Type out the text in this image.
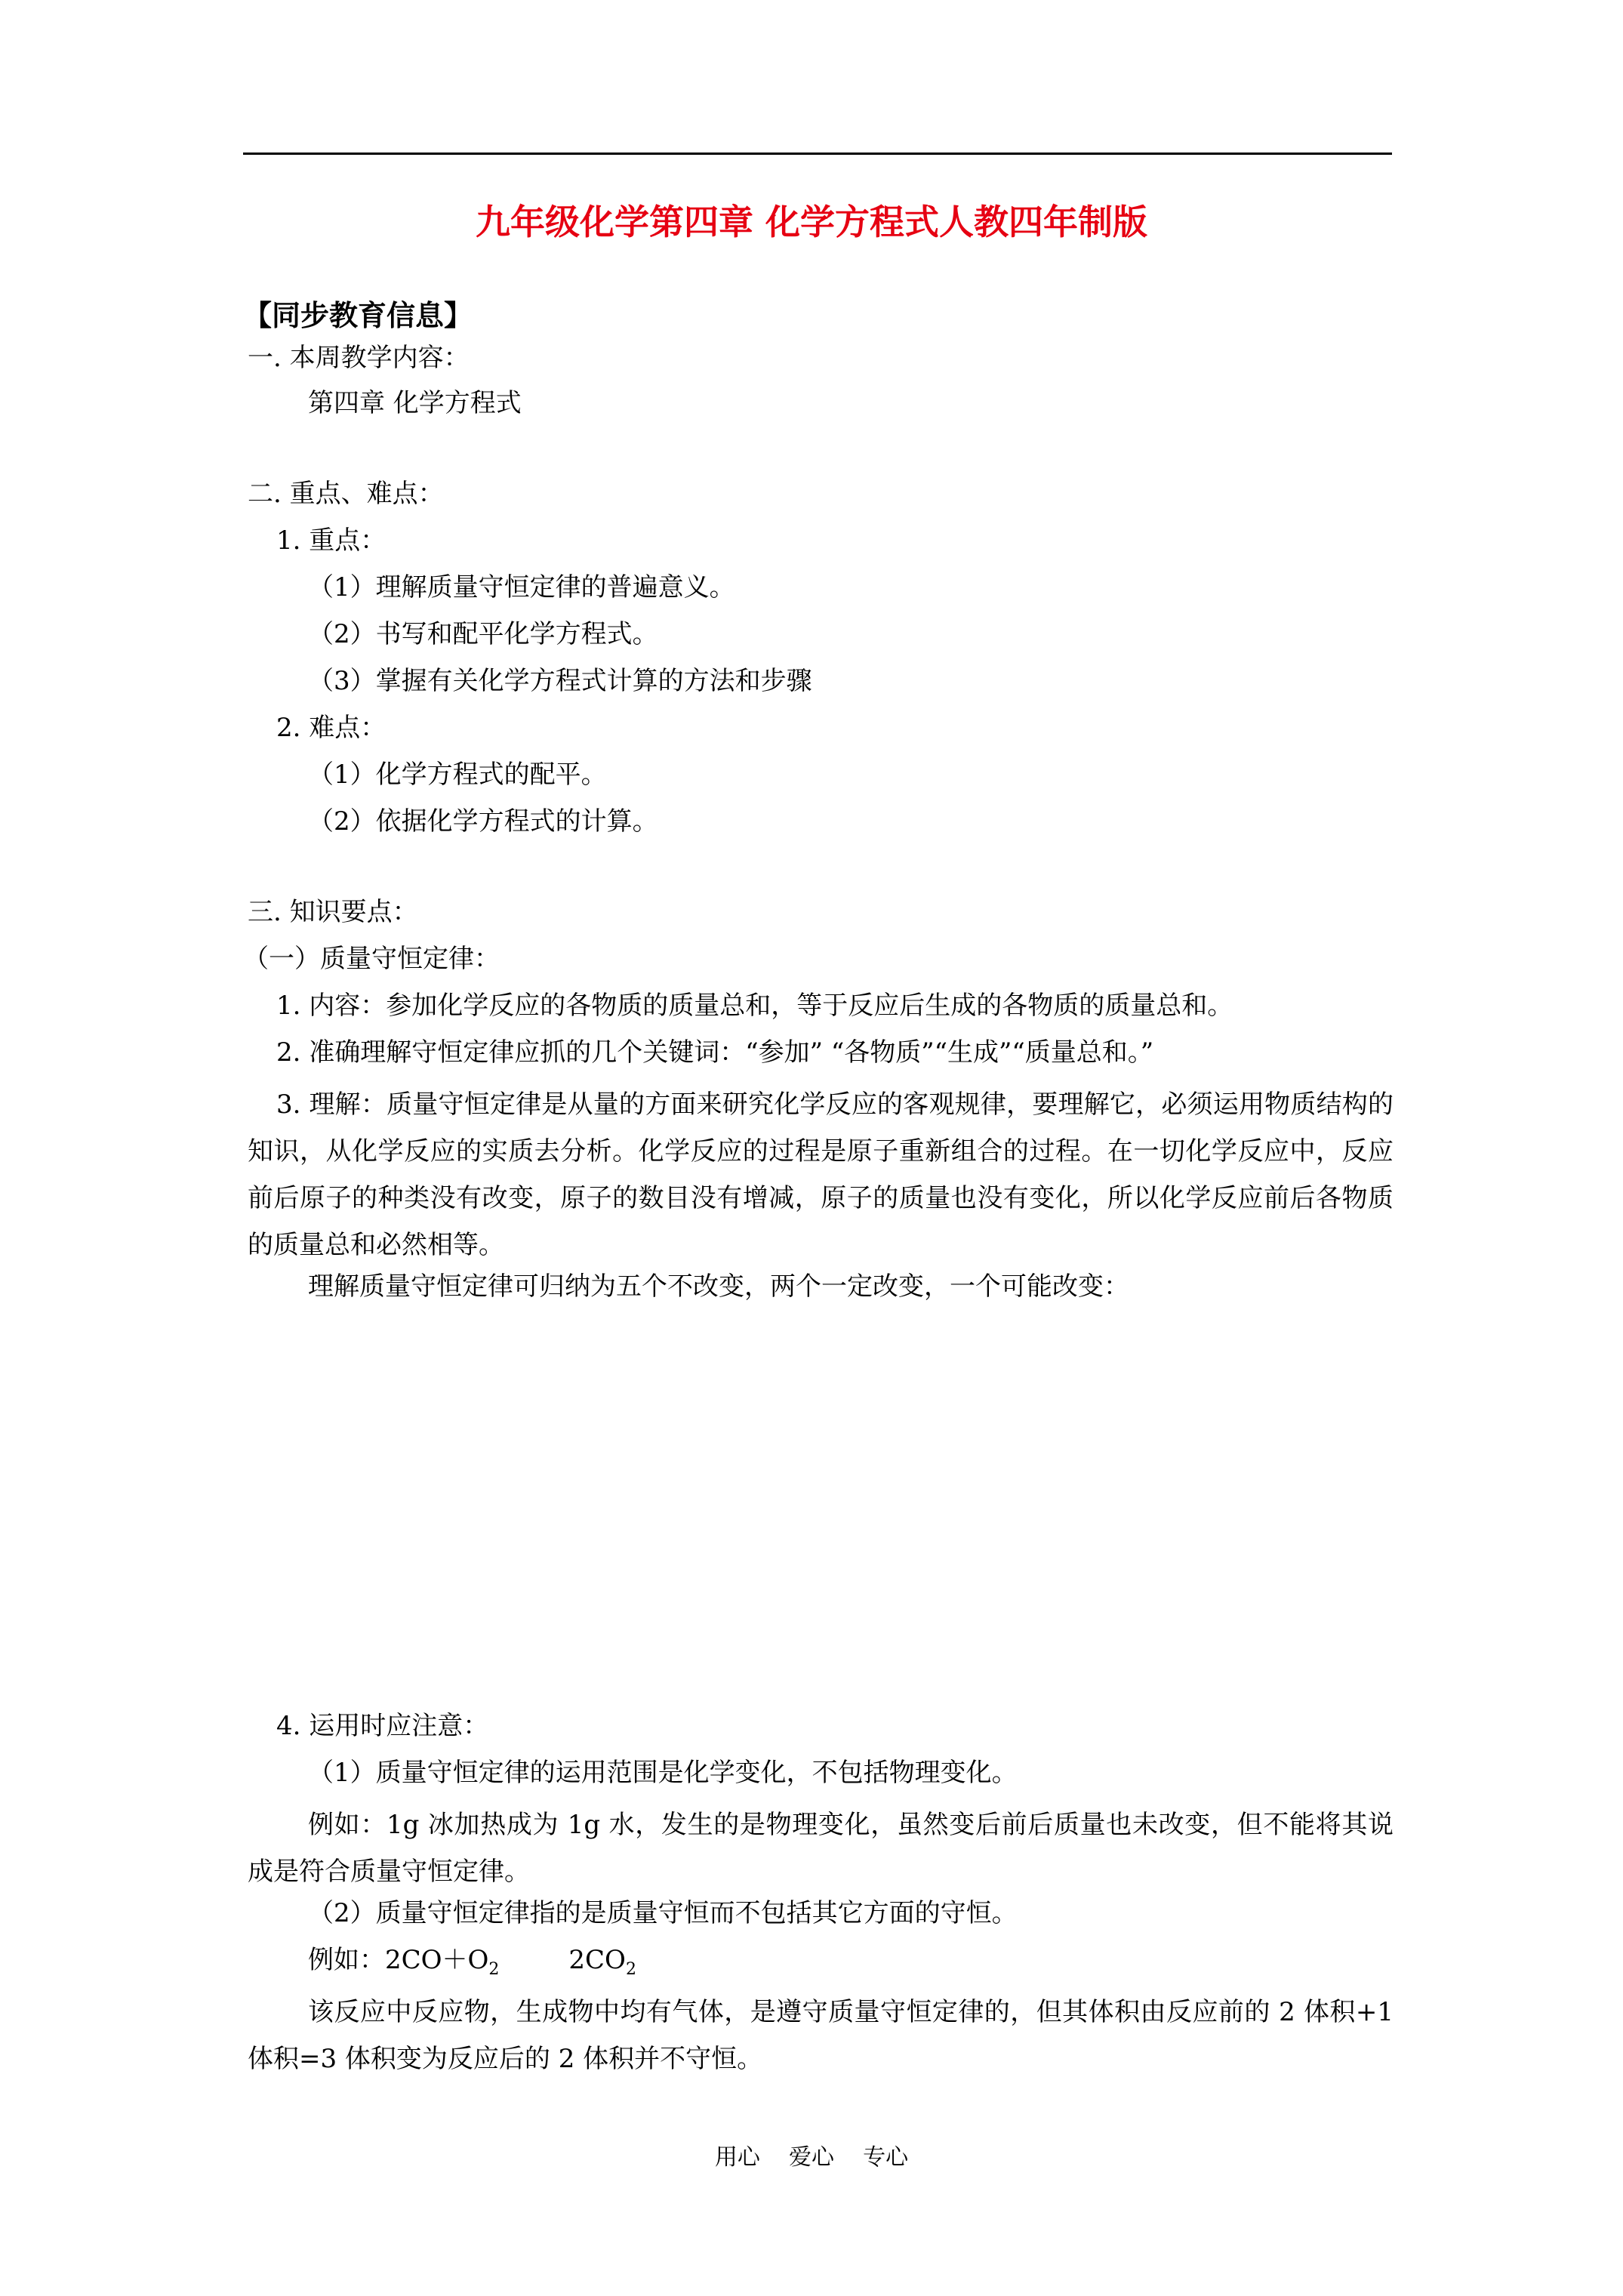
九年级化学第四章 化学方程式人教四年制版
【同步教育信息】
一. 本周教学内容：
第四章 化学方程式
二. 重点、难点：
1. 重点：
（1）理解质量守恒定律的普遍意义。
（2）书写和配平化学方程式。
（3）掌握有关化学方程式计算的方法和步骤
2. 难点：
（1）化学方程式的配平。
（2）依据化学方程式的计算。
三. 知识要点：
（一）质量守恒定律：
1. 内容：参加化学反应的各物质的质量总和，等于反应后生成的各物质的质量总和。
2. 准确理解守恒定律应抓的几个关键词：“参加” “各物质”“生成”“质量总和。”
3. 理解：质量守恒定律是从量的方面来研究化学反应的客观规律，要理解它，必须运用物质结构的知识，从化学反应的实质去分析。化学反应的过程是原子重新组合的过程。在一切化学反应中，反应前后原子的种类没有改变，原子的数目没有增减，原子的质量也没有变化，所以化学反应前后各物质的质量总和必然相等。
理解质量守恒定律可归纳为五个不改变，两个一定改变，一个可能改变：
4. 运用时应注意：
（1）质量守恒定律的运用范围是化学变化，不包括物理变化。
例如：1g 冰加热成为 1g 水，发生的是物理变化，虽然变后前后质量也未改变，但不能将其说成是符合质量守恒定律。
（2）质量守恒定律指的是质量守恒而不包括其它方面的守恒。
例如：$2CO+O_2$	$2CO_2$
该反应中反应物，生成物中均有气体，是遵守质量守恒定律的，但其体积由反应前的 2 体积+1 体积=3 体积变为反应后的 2 体积并不守恒。
用心    爱心    专心
